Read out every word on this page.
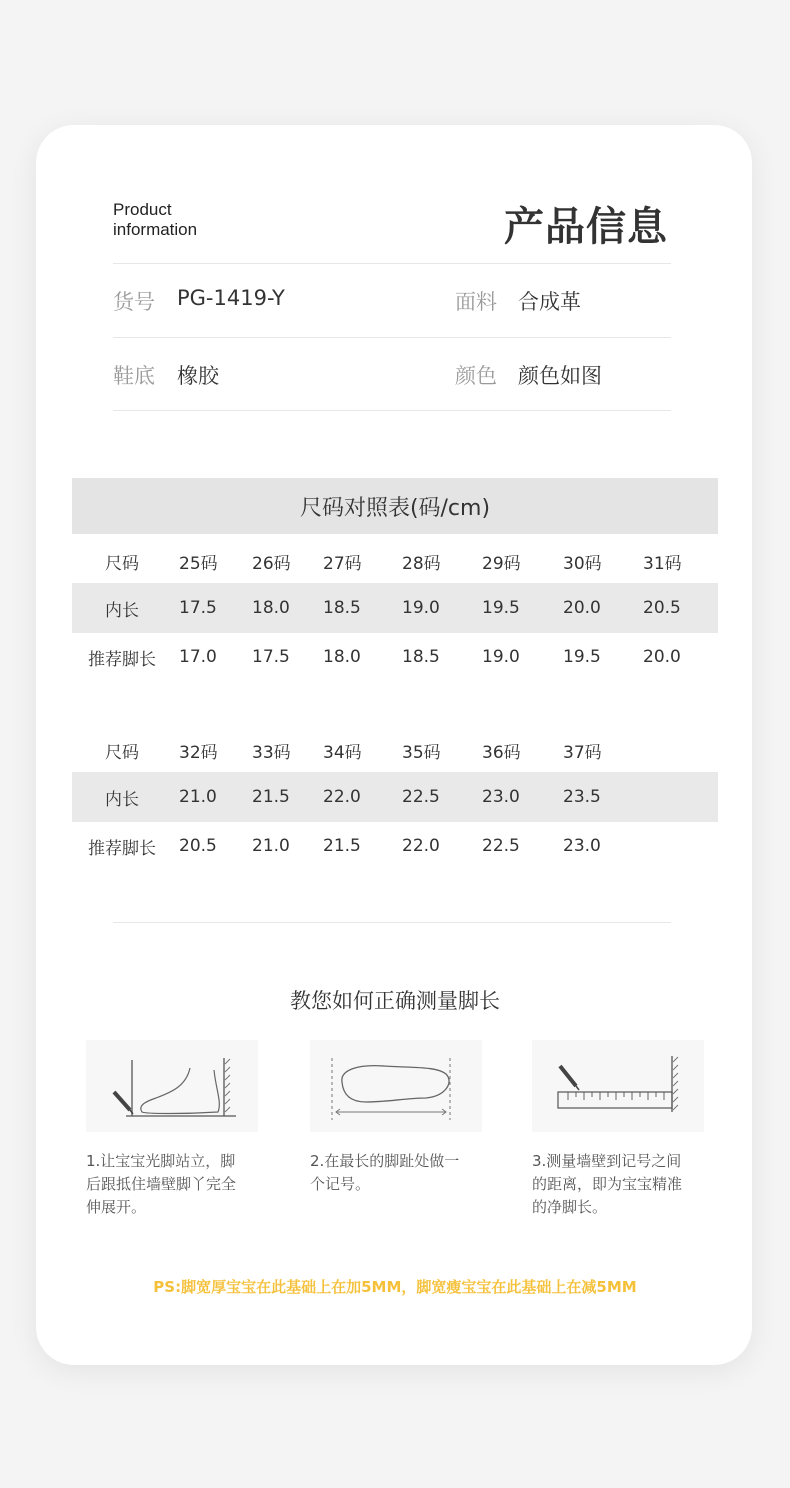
Product
information	产品信息
货号 PG-1419-Y	面料 合成革
鞋底 橡胶	颜色 颜色如图
尺码对照表(码/cm)
尺码	25码 26码 27码 28码 29码 30码 31码
内长	17.5 18.0 18.5 19.0 19.5	20.0 20.5
推荐脚长	17.0 17.5 18.0 18.5 19.0	19.5 20.0
尺码	32码 33码 34码 35码 36码 37码
内长	21.0 21.5 22.0 22.5 23.0	23.5
推荐脚长	20.5 21.0 21.5 22.0 22.5	23.0
教您如何正确测量脚长
1.让宝宝光脚站立，脚
后跟抵住墙壁脚丫完全
伸展开。
2.在最长的脚趾处做一
个记号。
3.测量墙壁到记号之间
的距离，即为宝宝精准
的净脚长。
PS:脚宽厚宝宝在此基础上在加5MM，脚宽瘦宝宝在此基础上在减5MM
